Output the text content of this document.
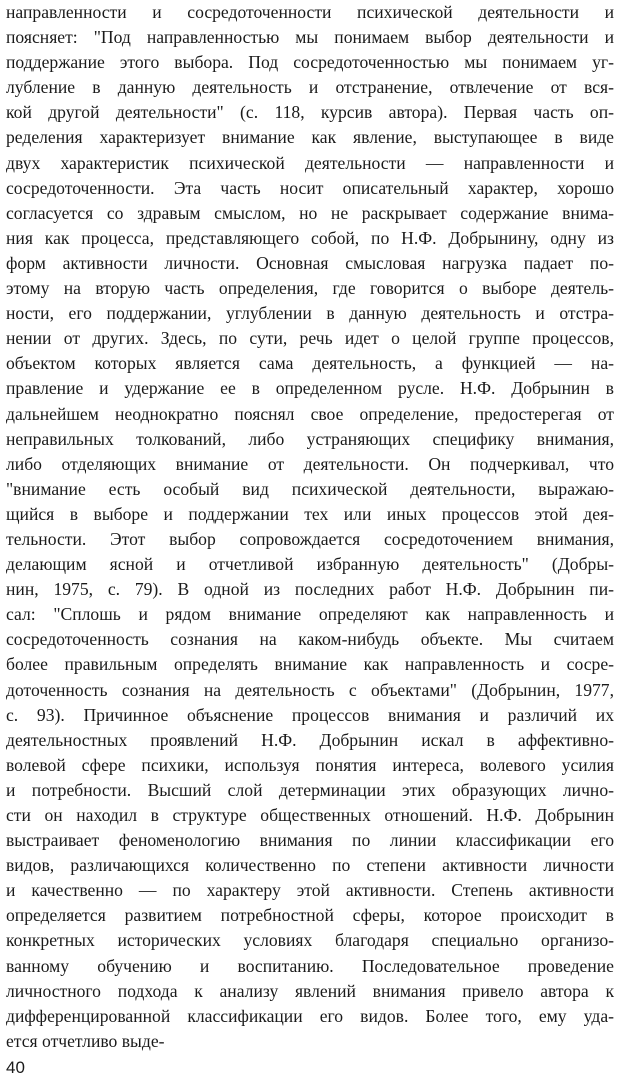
направленности и сосредоточенности психической деятельности и
поясняет: "Под направленностью мы понимаем выбор деятельности и
поддержание этого выбора. Под сосредоточенностью мы понимаем уг-
лубление в данную деятельность и отстранение, отвлечение от вся-
кой другой деятельности" (с. 118, курсив автора). Первая часть оп-
ределения характеризует внимание как явление, выступающее в виде
двух характеристик психической деятельности — направленности и
сосредоточенности. Эта часть носит описательный характер, хорошо
согласуется со здравым смыслом, но не раскрывает содержание внима-
ния как процесса, представляющего собой, по Н.Ф. Добрынину, одну из
форм активности личности. Основная смысловая нагрузка падает по-
этому на вторую часть определения, где говорится о выборе деятель-
ности, его поддержании, углублении в данную деятельность и отстра-
нении от других. Здесь, по сути, речь идет о целой группе процессов,
объектом которых является сама деятельность, а функцией — на-
правление и удержание ее в определенном русле. Н.Ф. Добрынин в
дальнейшем неоднократно пояснял свое определение, предостерегая от
неправильных толкований, либо устраняющих специфику внимания,
либо отделяющих внимание от деятельности. Он подчеркивал, что
"внимание есть особый вид психической деятельности, выражаю-
щийся в выборе и поддержании тех или иных процессов этой дея-
тельности. Этот выбор сопровождается сосредоточением внимания,
делающим ясной и отчетливой избранную деятельность" (Добры-
нин, 1975, с. 79). В одной из последних работ Н.Ф. Добрынин пи-
сал: "Сплошь и рядом внимание определяют как направленность и
сосредоточенность сознания на каком-нибудь объекте. Мы считаем
более правильным определять внимание как направленность и сосре-
доточенность сознания на деятельность с объектами" (Добрынин, 1977,
с. 93). Причинное объяснение процессов внимания и различий их
деятельностных проявлений Н.Ф. Добрынин искал в аффективно-
волевой сфере психики, используя понятия интереса, волевого усилия
и потребности. Высший слой детерминации этих образующих лично-
сти он находил в структуре общественных отношений. Н.Ф. Добрынин
выстраивает феноменологию внимания по линии классификации его
видов, различающихся количественно по степени активности личности
и качественно — по характеру этой активности. Степень активности
определяется развитием потребностной сферы, которое происходит в
конкретных исторических условиях благодаря специально организо-
ванному обучению и воспитанию. Последовательное проведение
личностного подхода к анализу явлений внимания привело автора к
дифференцированной классификации его видов. Более того, ему уда-
ется отчетливо выде-
40
